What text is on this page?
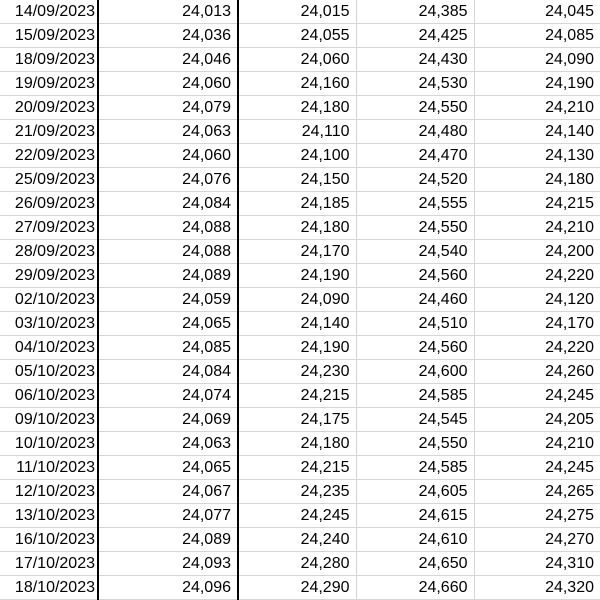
14/09/2023	24,013	24,015	24,385	24,045
15/09/2023	24,036	24,055	24,425	24,085
18/09/2023	24,046	24,060	24,430	24,090
19/09/2023	24,060	24,160	24,530	24,190
20/09/2023	24,079	24,180	24,550	24,210
21/09/2023	24,063	24,110	24,480	24,140
22/09/2023	24,060	24,100	24,470	24,130
25/09/2023	24,076	24,150	24,520	24,180
26/09/2023	24,084	24,185	24,555	24,215
27/09/2023	24,088	24,180	24,550	24,210
28/09/2023	24,088	24,170	24,540	24,200
29/09/2023	24,089	24,190	24,560	24,220
02/10/2023	24,059	24,090	24,460	24,120
03/10/2023	24,065	24,140	24,510	24,170
04/10/2023	24,085	24,190	24,560	24,220
05/10/2023	24,084	24,230	24,600	24,260
06/10/2023	24,074	24,215	24,585	24,245
09/10/2023	24,069	24,175	24,545	24,205
10/10/2023	24,063	24,180	24,550	24,210
11/10/2023	24,065	24,215	24,585	24,245
12/10/2023	24,067	24,235	24,605	24,265
13/10/2023	24,077	24,245	24,615	24,275
16/10/2023	24,089	24,240	24,610	24,270
17/10/2023	24,093	24,280	24,650	24,310
18/10/2023	24,096	24,290	24,660	24,320
